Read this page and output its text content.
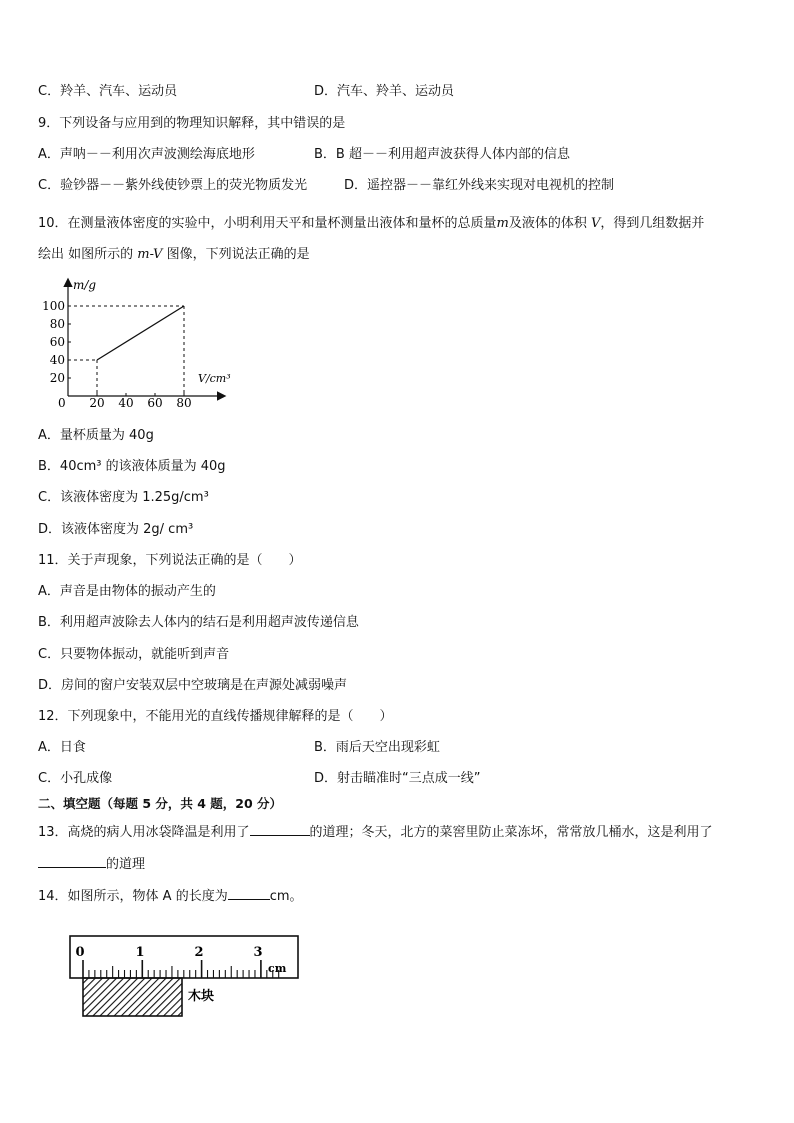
C．羚羊、汽车、运动员	D．汽车、羚羊、运动员
9．下列设备与应用到的物理知识解释，其中错误的是
A．声呐－－利用次声波测绘海底地形	B．B 超－－利用超声波获得人体内部的信息
C．验钞器－－紫外线使钞票上的荧光物质发光	D．遥控器－－靠红外线来实现对电视机的控制
10．在测量液体密度的实验中，小明利用天平和量杯测量出液体和量杯的总质量m及液体的体积 V，得到几组数据并
绘出 如图所示的 m-V 图像，下列说法正确的是
m/g
V/cm³
0 20 40 60 80
20
40
60
80
100
A．量杯质量为 40g
B．40cm³ 的该液体质量为 40g
C．该液体密度为 1.25g/cm³
D．该液体密度为 2g/ cm³
11．关于声现象，下列说法正确的是（　　）
A．声音是由物体的振动产生的
B．利用超声波除去人体内的结石是利用超声波传递信息
C．只要物体振动，就能听到声音
D．房间的窗户安装双层中空玻璃是在声源处减弱噪声
12．下列现象中，不能用光的直线传播规律解释的是（　　）
A．日食	B．雨后天空出现彩虹
C．小孔成像	D．射击瞄准时“三点成一线”
二、填空题（每题 5 分，共 4 题，20 分）
13．高烧的病人用冰袋降温是利用了	的道理；冬天，北方的菜窖里防止菜冻坏，常常放几桶水，这是利用了
的道理
14．如图所示，物体 A 的长度为	cm。
0	1	2	3
cm
木块
